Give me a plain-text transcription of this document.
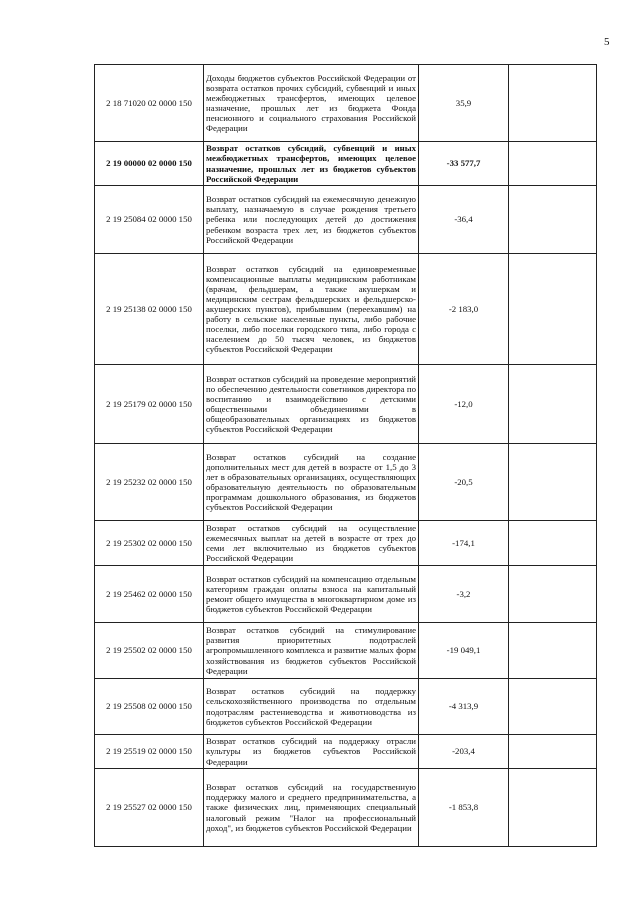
5
2 18 71020 02 0000 150	Доходы бюджетов субъектов Российской Федерации от возврата остатков прочих субсидий, субвенций и иных межбюджетных трансфертов, имеющих целевое назначение, прошлых лет из бюджета Фонда пенсионного и социального страхования Российской Федерации	35,9	
2 19 00000 02 0000 150	Возврат остатков субсидий, субвенций и иных межбюджетных трансфертов, имеющих целевое назначение, прошлых лет из бюджетов субъектов Российской Федерации	-33 577,7	
2 19 25084 02 0000 150	Возврат остатков субсидий на ежемесячную денежную выплату, назначаемую в случае рождения третьего ребенка или последующих детей до достижения ребенком возраста трех лет, из бюджетов субъектов Российской Федерации	-36,4	
2 19 25138 02 0000 150	Возврат остатков субсидий на единовременные компенсационные выплаты медицинским работникам (врачам, фельдшерам, а также акушеркам и медицинским сестрам фельдшерских и фельдшерско-акушерских пунктов), прибывшим (переехавшим) на работу в сельские населенные пункты, либо рабочие поселки, либо поселки городского типа, либо города с населением до 50 тысяч человек, из бюджетов субъектов Российской Федерации	-2 183,0	
2 19 25179 02 0000 150	Возврат остатков субсидий на проведение мероприятий по обеспечению деятельности советников директора по воспитанию и взаимодействию с детскими общественными объединениями в общеобразовательных организациях из бюджетов субъектов Российской Федерации	-12,0	
2 19 25232 02 0000 150	Возврат остатков субсидий на создание дополнительных мест для детей в возрасте от 1,5 до 3 лет в образовательных организациях, осуществляющих образовательную деятельность по образовательным программам дошкольного образования, из бюджетов субъектов Российской Федерации	-20,5	
2 19 25302 02 0000 150	Возврат остатков субсидий на осуществление ежемесячных выплат на детей в возрасте от трех до семи лет включительно из бюджетов субъектов Российской Федерации	-174,1	
2 19 25462 02 0000 150	Возврат остатков субсидий на компенсацию отдельным категориям граждан оплаты взноса на капитальный ремонт общего имущества в многоквартирном доме из бюджетов субъектов Российской Федерации	-3,2	
2 19 25502 02 0000 150	Возврат остатков субсидий на стимулирование развития приоритетных подотраслей агропромышленного комплекса и развитие малых форм хозяйствования из бюджетов субъектов Российской Федерации	-19 049,1	
2 19 25508 02 0000 150	Возврат остатков субсидий на поддержку сельскохозяйственного производства по отдельным подотраслям растениеводства и животноводства из бюджетов субъектов Российской Федерации	-4 313,9	
2 19 25519 02 0000 150	Возврат остатков субсидий на поддержку отрасли культуры из бюджетов субъектов Российской Федерации	-203,4	
2 19 25527 02 0000 150	Возврат остатков субсидий на государственную поддержку малого и среднего предпринимательства, а также физических лиц, применяющих специальный налоговый режим "Налог на профессиональный доход", из бюджетов субъектов Российской Федерации	-1 853,8	
